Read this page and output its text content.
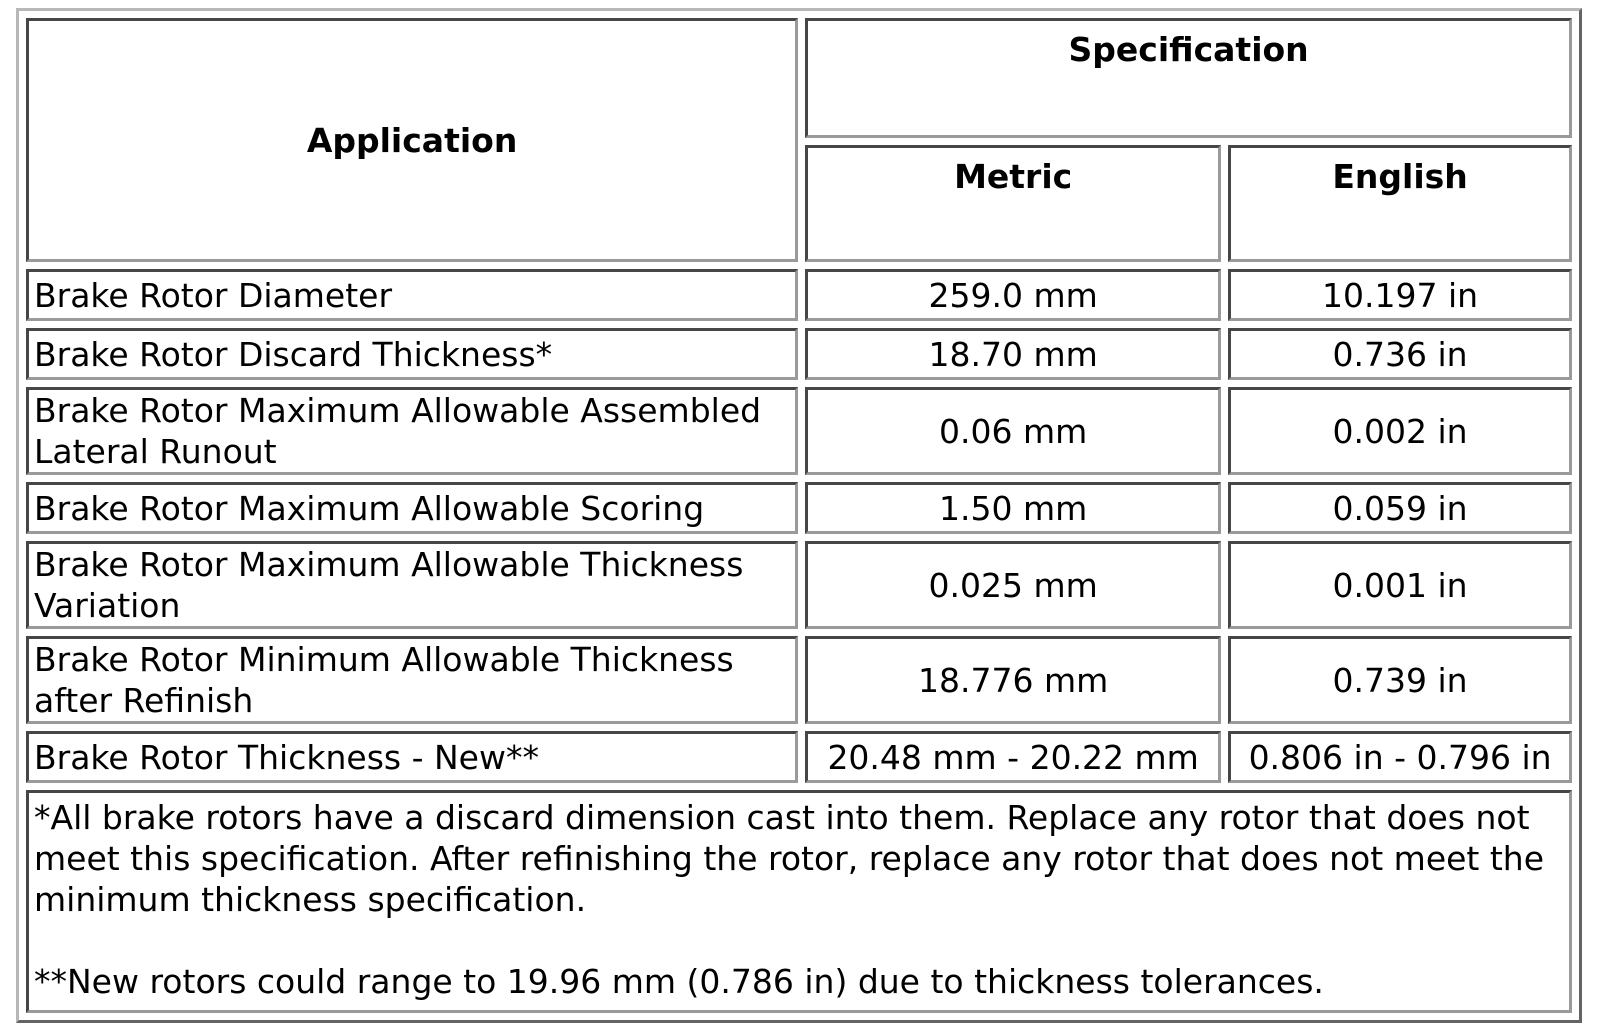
Application	Specification	
	Metric	English
Brake Rotor Diameter	259.0 mm	10.197 in
Brake Rotor Discard Thickness*	18.70 mm	0.736 in
Brake Rotor Maximum Allowable Assembled Lateral Runout	0.06 mm	0.002 in
Brake Rotor Maximum Allowable Scoring	1.50 mm	0.059 in
Brake Rotor Maximum Allowable Thickness Variation	0.025 mm	0.001 in
Brake Rotor Minimum Allowable Thickness after Refinish	18.776 mm	0.739 in
Brake Rotor Thickness - New**	20.48 mm - 20.22 mm	0.806 in - 0.796 in

*All brake rotors have a discard dimension cast into them. Replace any rotor that does not meet this specification. After refinishing the rotor, replace any rotor that does not meet the minimum thickness specification.
**New rotors could range to 19.96 mm (0.786 in) due to thickness tolerances.		
